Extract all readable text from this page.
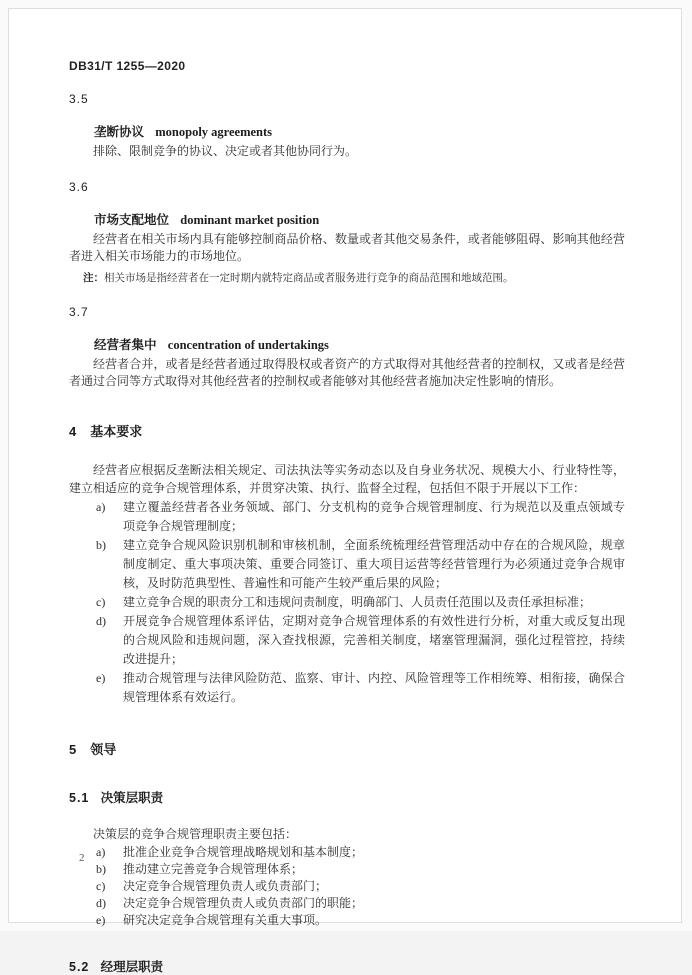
DB31/T 1255—2020
3.5
垄断协议 monopoly agreements

排除、限制竞争的协议、决定或者其他协同行为。

3.6
市场支配地位 dominant market position

经营者在相关市场内具有能够控制商品价格、数量或者其他交易条件，或者能够阻碍、影响其他经营者进入相关市场能力的市场地位。

注：相关市场是指经营者在一定时期内就特定商品或者服务进行竞争的商品范围和地域范围。

3.7
经营者集中 concentration of undertakings

经营者合并，或者是经营者通过取得股权或者资产的方式取得对其他经营者的控制权，又或者是经营者通过合同等方式取得对其他经营者的控制权或者能够对其他经营者施加决定性影响的情形。

4 基本要求

经营者应根据反垄断法相关规定、司法执法等实务动态以及自身业务状况、规模大小、行业特性等，建立相适应的竞争合规管理体系，并贯穿决策、执行、监督全过程，包括但不限于开展以下工作：

a)	建立覆盖经营者各业务领域、部门、分支机构的竞争合规管理制度、行为规范以及重点领域专项竞争合规管理制度；
b)	建立竞争合规风险识别机制和审核机制，全面系统梳理经营管理活动中存在的合规风险，规章制度制定、重大事项决策、重要合同签订、重大项目运营等经营管理行为必须通过竞争合规审核，及时防范典型性、普遍性和可能产生较严重后果的风险；
c)	建立竞争合规的职责分工和违规问责制度，明确部门、人员责任范围以及责任承担标准；
d)	开展竞争合规管理体系评估，定期对竞争合规管理体系的有效性进行分析，对重大或反复出现的合规风险和违规问题，深入查找根源，完善相关制度，堵塞管理漏洞，强化过程管控，持续改进提升；
e)	推动合规管理与法律风险防范、监察、审计、内控、风险管理等工作相统筹、相衔接，确保合规管理体系有效运行。
5 领导
5.1 决策层职责

决策层的竞争合规管理职责主要包括：

a)	批准企业竞争合规管理战略规划和基本制度；
b)	推动建立完善竞争合规管理体系；
c)	决定竞争合规管理负责人或负责部门；
d)	决定竞争合规管理负责人或负责部门的职能；
e)	研究决定竞争合规管理有关重大事项。
5.2 经理层职责
2
